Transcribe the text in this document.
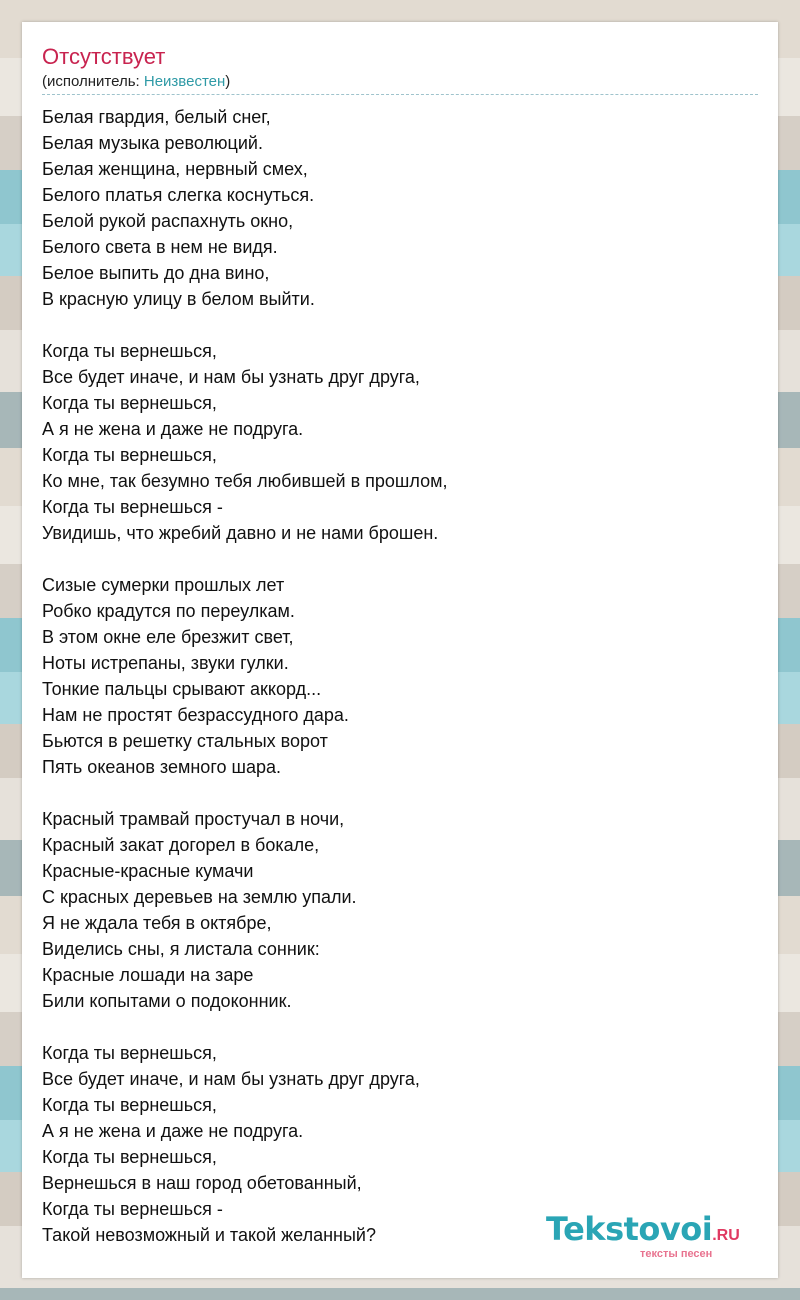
Отсутствует
(исполнитель: Неизвестен)
Белая гвардия, белый снег,
Белая музыка революций.
Белая женщина, нервный смех,
Белого платья слегка коснуться.
Белой рукой распахнуть окно,
Белого света в нем не видя.
Белое выпить до дна вино,
В красную улицу в белом выйти.

Когда ты вернешься,
Все будет иначе, и нам бы узнать друг друга,
Когда ты вернешься,
А я не жена и даже не подруга.
Когда ты вернешься,
Ко мне, так безумно тебя любившей в прошлом,
Когда ты вернешься -
Увидишь, что жребий давно и не нами брошен.

Сизые сумерки прошлых лет
Робко крадутся по переулкам.
В этом окне еле брезжит свет,
Ноты истрепаны, звуки гулки.
Тонкие пальцы срывают аккорд...
Нам не простят безрассудного дара.
Бьются в решетку стальных ворот
Пять океанов земного шара.

Красный трамвай простучал в ночи,
Красный закат догорел в бокале,
Красные-красные кумачи
С красных деревьев на землю упали.
Я не ждала тебя в октябре,
Виделись сны, я листала сонник:
Красные лошади на заре
Били копытами о подоконник.

Когда ты вернешься,
Все будет иначе, и нам бы узнать друг друга,
Когда ты вернешься,
А я не жена и даже не подруга.
Когда ты вернешься,
Вернешься в наш город обетованный,
Когда ты вернешься -
Такой невозможный и такой желанный?	Tekstovoi.RU
тексты песен
